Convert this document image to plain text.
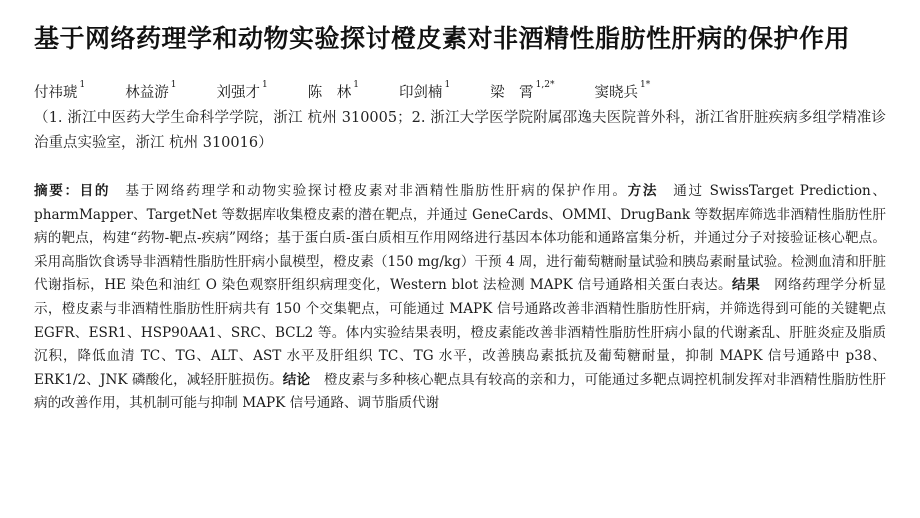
基于网络药理学和动物实验探讨橙皮素对非酒精性脂肪性肝病的保护作用
付祎琥$^1$	林益游$^1$	刘强才$^1$	陈　林$^1$	印剑楠$^1$	梁　霄$^{1,2*}$	窦晓兵$^{1*}$
（1. 浙江中医药大学生命科学学院，浙江 杭州 310005；2. 浙江大学医学院附属邵逸夫医院普外科，浙江省肝脏疾病多组学精准诊治重点实验室，浙江 杭州 310016）
摘要：目的　基于网络药理学和动物实验探讨橙皮素对非酒精性脂肪性肝病的保护作用。方法　通过 SwissTarget Prediction、pharmMapper、TargetNet 等数据库收集橙皮素的潜在靶点，并通过 GeneCards、OMMI、DrugBank 等数据库筛选非酒精性脂肪性肝病的靶点，构建“药物-靶点-疾病”网络；基于蛋白质-蛋白质相互作用网络进行基因本体功能和通路富集分析，并通过分子对接验证核心靶点。采用高脂饮食诱导非酒精性脂肪性肝病小鼠模型，橙皮素（150 mg/kg）干预 4 周，进行葡萄糖耐量试验和胰岛素耐量试验。检测血清和肝脏代谢指标，HE 染色和油红 O 染色观察肝组织病理变化，Western blot 法检测 MAPK 信号通路相关蛋白表达。结果　网络药理学分析显示，橙皮素与非酒精性脂肪性肝病共有 150 个交集靶点，可能通过 MAPK 信号通路改善非酒精性脂肪性肝病，并筛选得到可能的关键靶点 EGFR、ESR1、HSP90AA1、SRC、BCL2 等。体内实验结果表明，橙皮素能改善非酒精性脂肪性肝病小鼠的代谢紊乱、肝脏炎症及脂质沉积，降低血清 TC、TG、ALT、AST 水平及肝组织 TC、TG 水平，改善胰岛素抵抗及葡萄糖耐量，抑制 MAPK 信号通路中 p38、ERK1/2、JNK 磷酸化，减轻肝脏损伤。结论　橙皮素与多种核心靶点具有较高的亲和力，可能通过多靶点调控机制发挥对非酒精性脂肪性肝病的改善作用，其机制可能与抑制 MAPK 信号通路、调节脂质代谢
